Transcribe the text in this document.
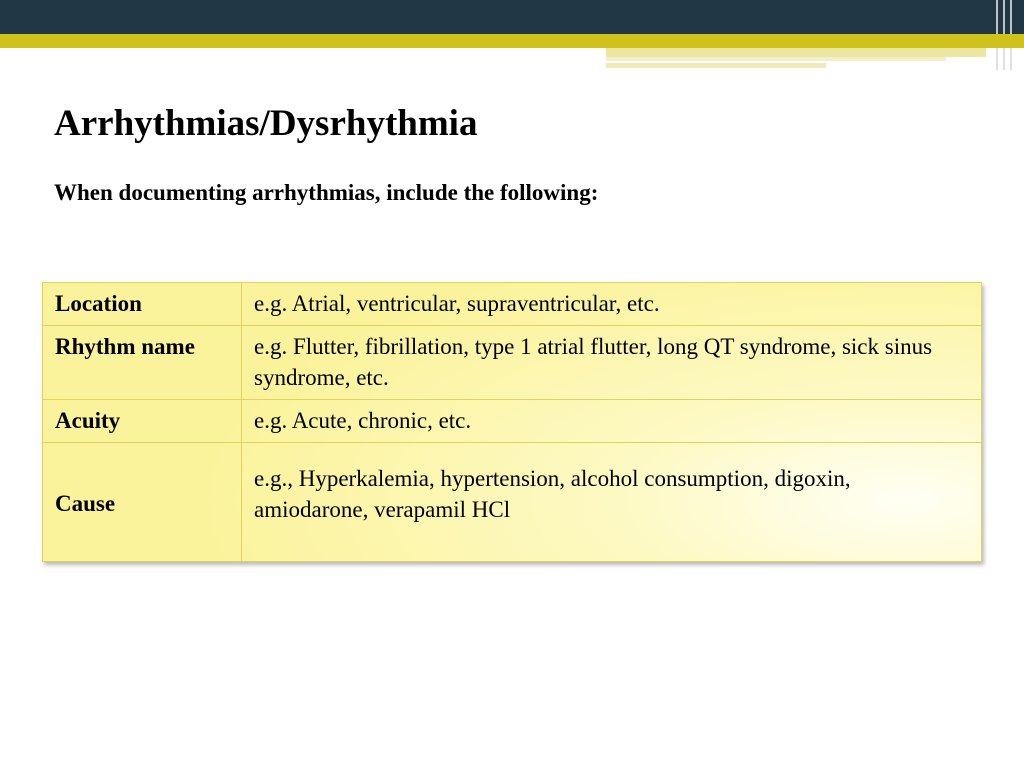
Arrhythmias/Dysrhythmia

When documenting arrhythmias, include the following:

Location	e.g. Atrial, ventricular, supraventricular, etc.
Rhythm name	e.g. Flutter, fibrillation, type 1 atrial flutter, long QT syndrome, sick sinus syndrome, etc.
Acuity	e.g. Acute, chronic, etc.
Cause	e.g., Hyperkalemia, hypertension, alcohol consumption, digoxin, amiodarone, verapamil HCl
